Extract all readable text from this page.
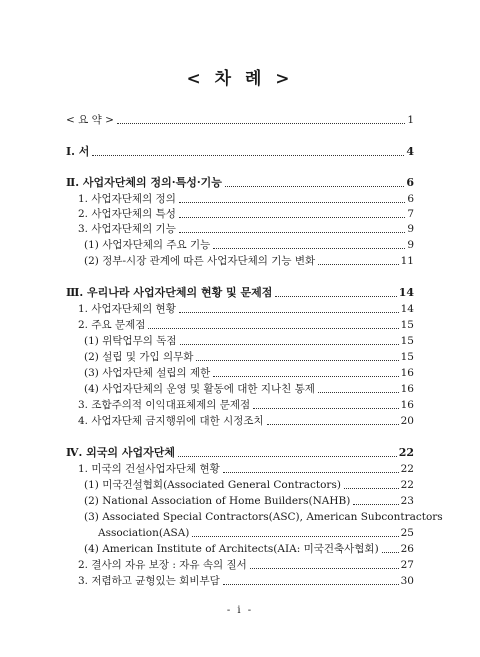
< 차 례 >
< 요 약 >	1
Ⅰ. 서	4
Ⅱ. 사업자단체의 정의·특성·기능	6
1. 사업자단체의 정의	6
2. 사업자단체의 특성	7
3. 사업자단체의 기능	9
(1) 사업자단체의 주요 기능	9
(2) 정부-시장 관계에 따른 사업자단체의 기능 변화	11
Ⅲ. 우리나라 사업자단체의 현황 및 문제점	14
1. 사업자단체의 현황	14
2. 주요 문제점	15
(1) 위탁업무의 독점	15
(2) 설립 및 가입 의무화	15
(3) 사업자단체 설립의 제한	16
(4) 사업자단체의 운영 및 활동에 대한 지나친 통제	16
3. 조합주의적 이익대표체제의 문제점	16
4. 사업자단체 금지행위에 대한 시정조치	20
Ⅳ. 외국의 사업자단체	22
1. 미국의 건설사업자단체 현황	22
(1) 미국건설협회(Associated General Contractors)	22
(2) National Association of Home Builders(NAHB)	23
(3) Associated Special Contractors(ASC), American Subcontractors
Association(ASA)	25
(4) American Institute of Architects(AIA: 미국건축사협회) 26
2. 결사의 자유 보장 : 자유 속의 질서	27
3. 저렴하고 균형있는 회비부담	30
- i -
